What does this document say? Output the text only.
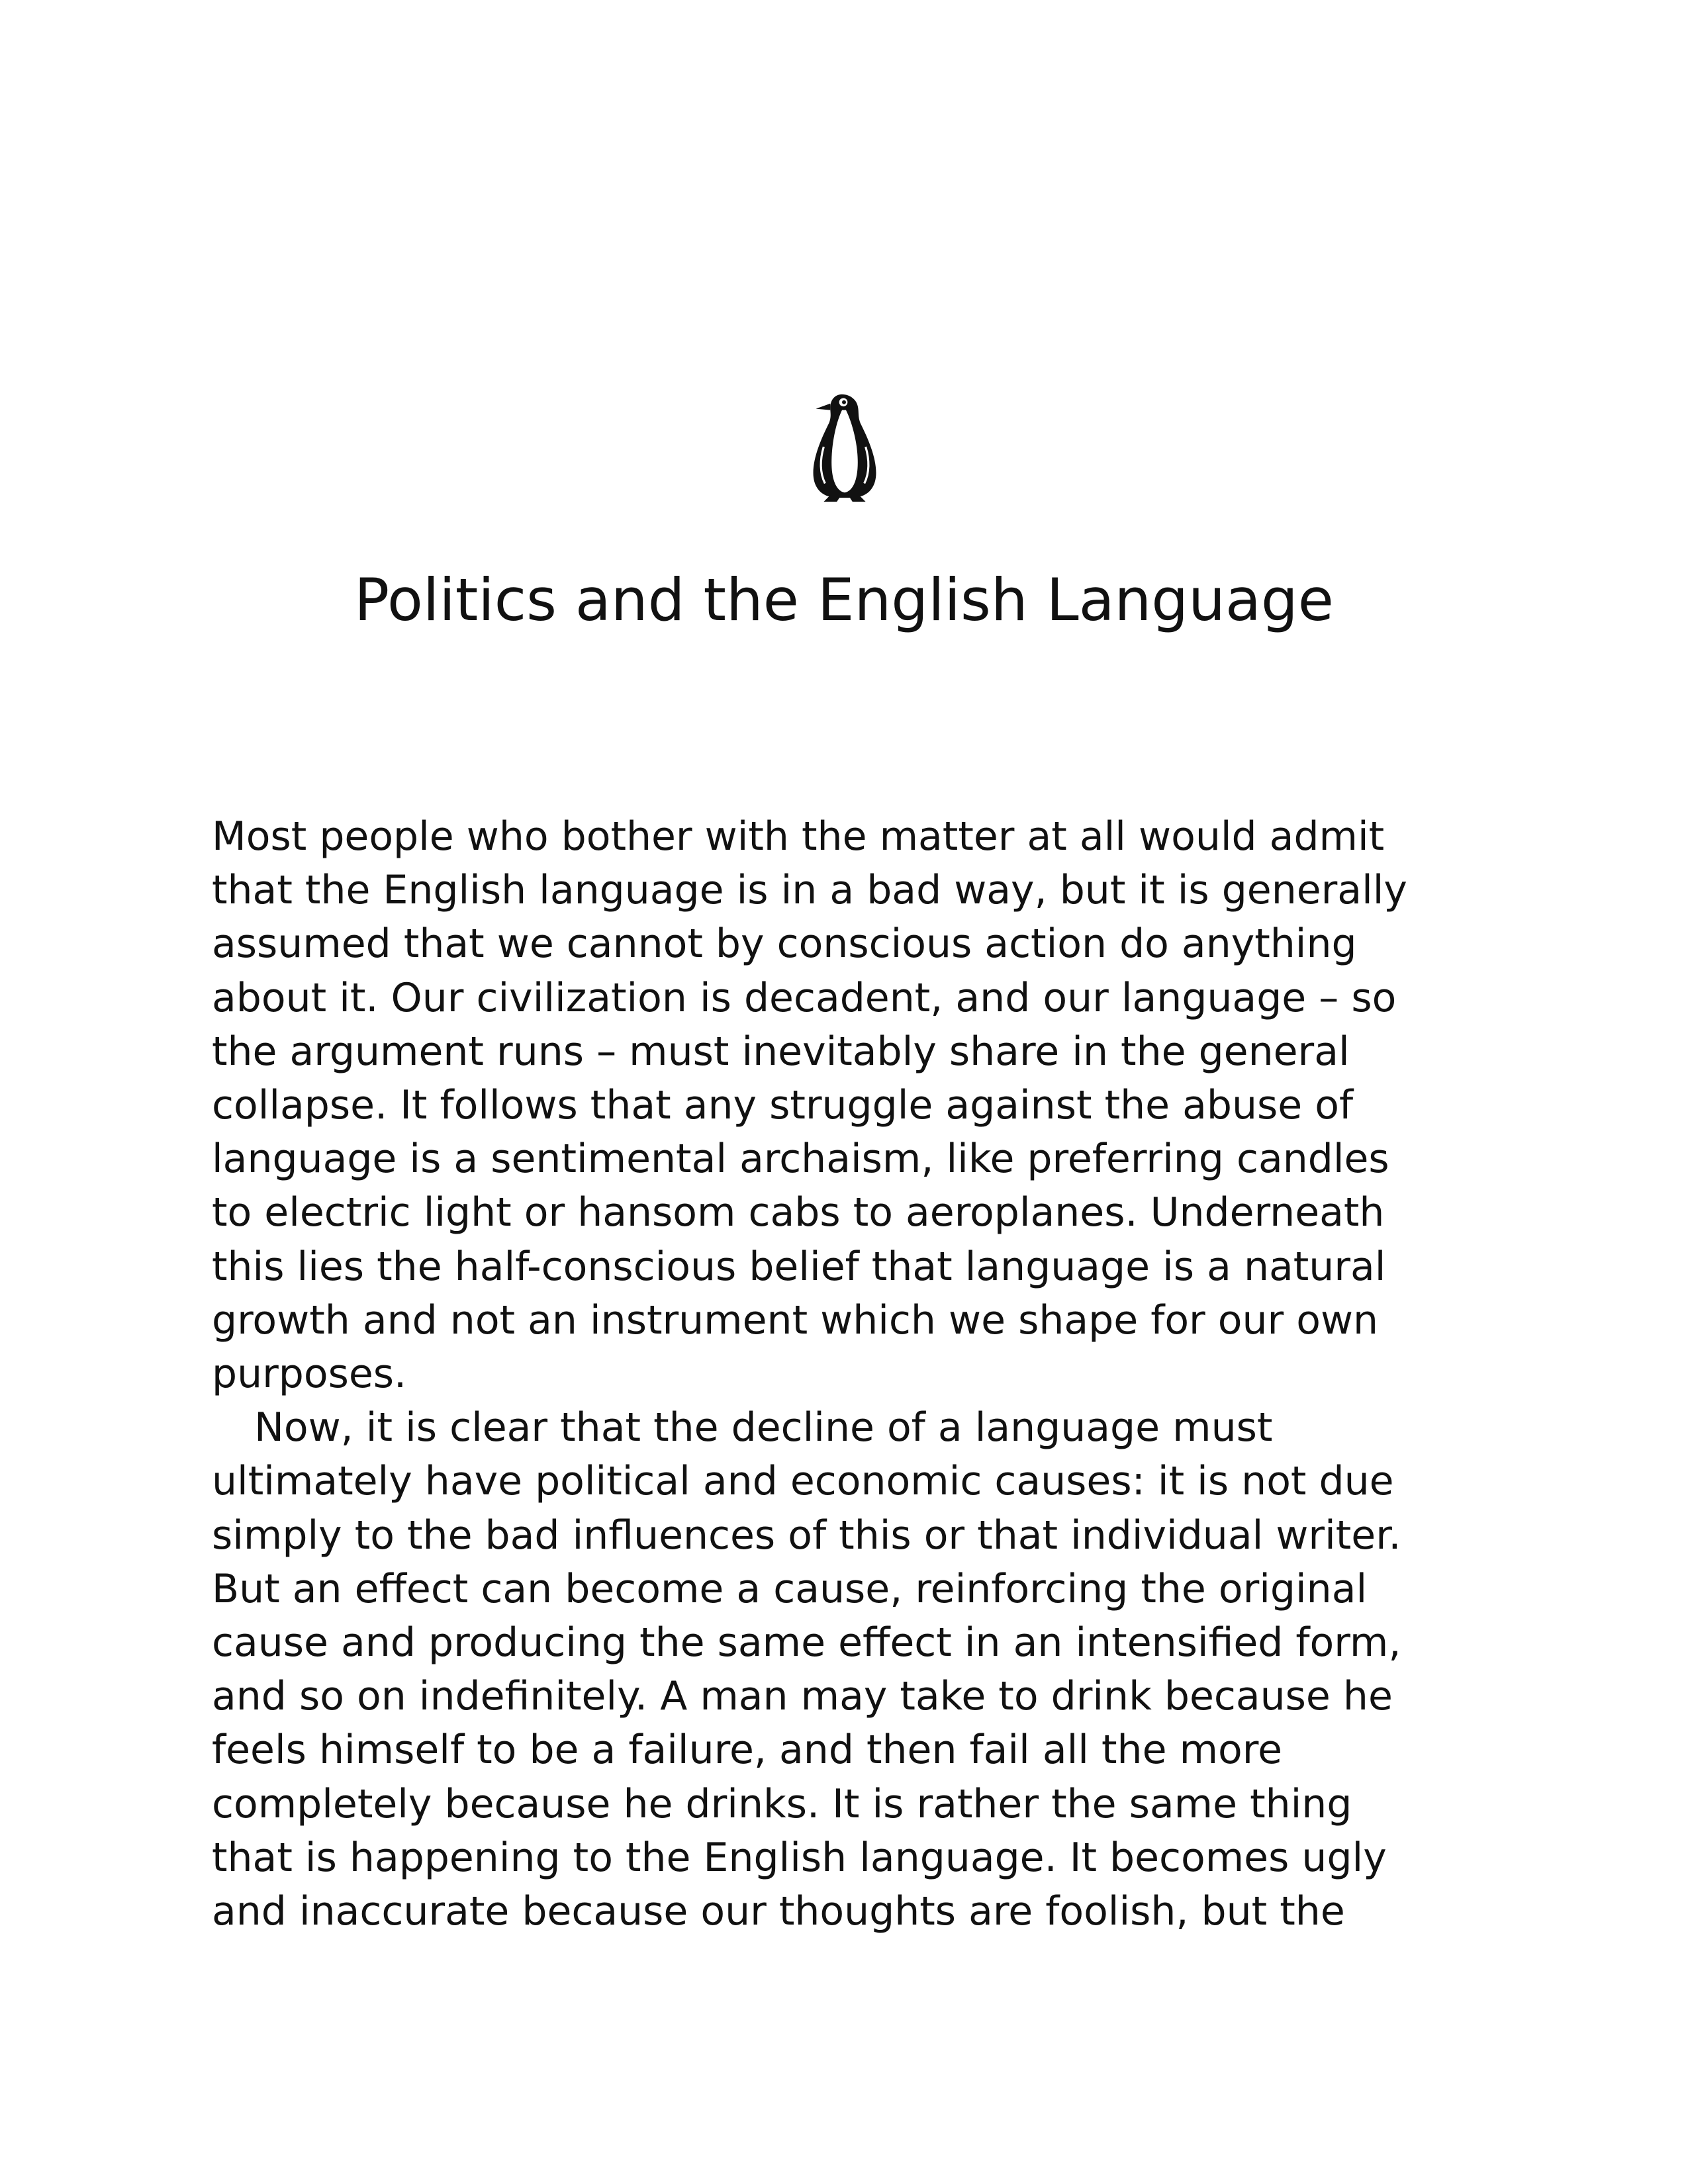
Politics and the English Language
Most people who bother with the matter at all would admit
that the English language is in a bad way, but it is generally
assumed that we cannot by conscious action do anything
about it. Our civilization is decadent, and our language – so
the argument runs – must inevitably share in the general
collapse. It follows that any struggle against the abuse of
language is a sentimental archaism, like preferring candles
to electric light or hansom cabs to aeroplanes. Underneath
this lies the half-conscious belief that language is a natural
growth and not an instrument which we shape for our own
purposes.
Now, it is clear that the decline of a language must
ultimately have political and economic causes: it is not due
simply to the bad influences of this or that individual writer.
But an effect can become a cause, reinforcing the original
cause and producing the same effect in an intensified form,
and so on indefinitely. A man may take to drink because he
feels himself to be a failure, and then fail all the more
completely because he drinks. It is rather the same thing
that is happening to the English language. It becomes ugly
and inaccurate because our thoughts are foolish, but the
